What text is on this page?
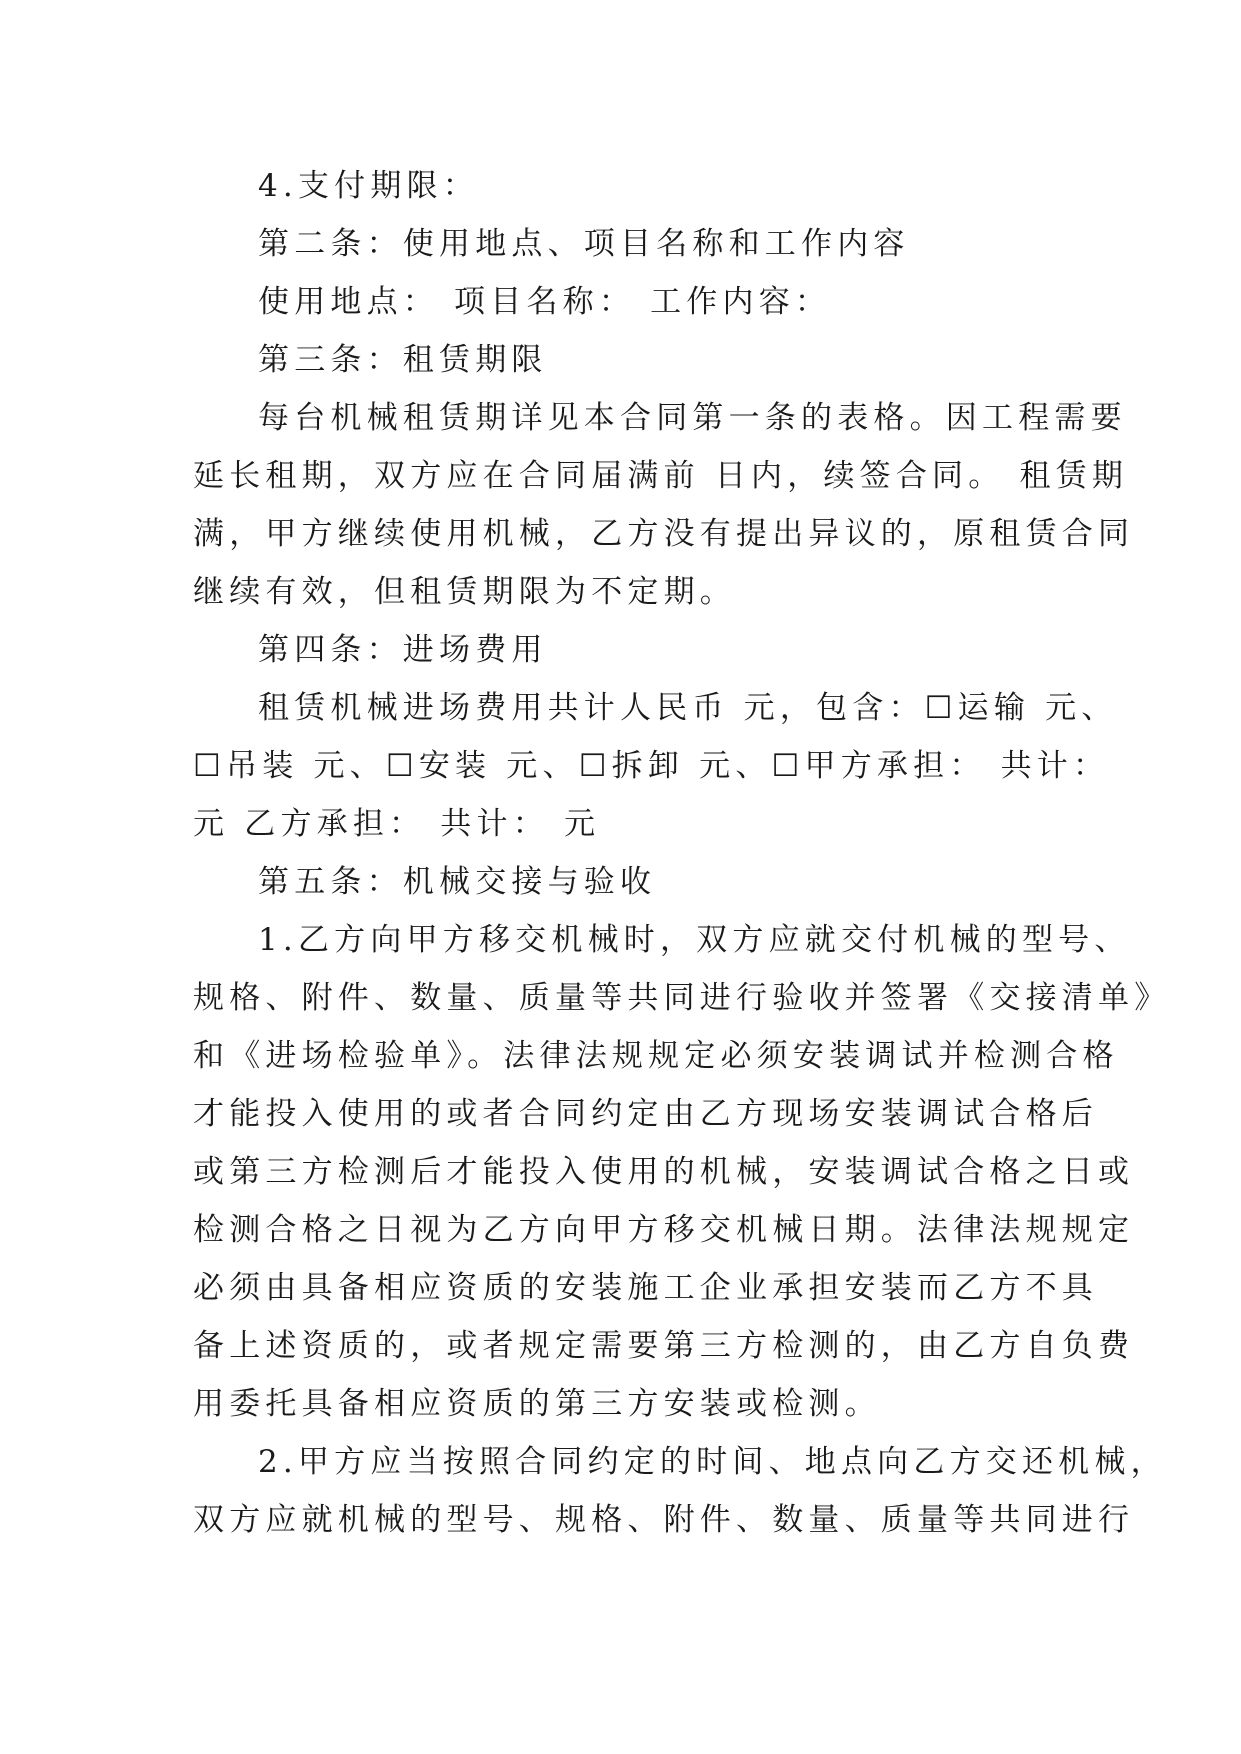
4.支付期限：
第二条：使用地点、项目名称和工作内容
使用地点： 项目名称： 工作内容：
第三条：租赁期限
每台机械租赁期详见本合同第一条的表格。因工程需要
延长租期，双方应在合同届满前 日内，续签合同。 租赁期
满，甲方继续使用机械，乙方没有提出异议的，原租赁合同
继续有效，但租赁期限为不定期。
第四条：进场费用
租赁机械进场费用共计人民币 元，包含：☐运输 元、
☐吊装 元、☐安装 元、☐拆卸 元、☐甲方承担： 共计：
元 乙方承担： 共计： 元
第五条：机械交接与验收
1.乙方向甲方移交机械时，双方应就交付机械的型号、
规格、附件、数量、质量等共同进行验收并签署《交接清单》
和《进场检验单》。法律法规规定必须安装调试并检测合格
才能投入使用的或者合同约定由乙方现场安装调试合格后
或第三方检测后才能投入使用的机械，安装调试合格之日或
检测合格之日视为乙方向甲方移交机械日期。法律法规规定
必须由具备相应资质的安装施工企业承担安装而乙方不具
备上述资质的，或者规定需要第三方检测的，由乙方自负费
用委托具备相应资质的第三方安装或检测。
2.甲方应当按照合同约定的时间、地点向乙方交还机械，
双方应就机械的型号、规格、附件、数量、质量等共同进行
